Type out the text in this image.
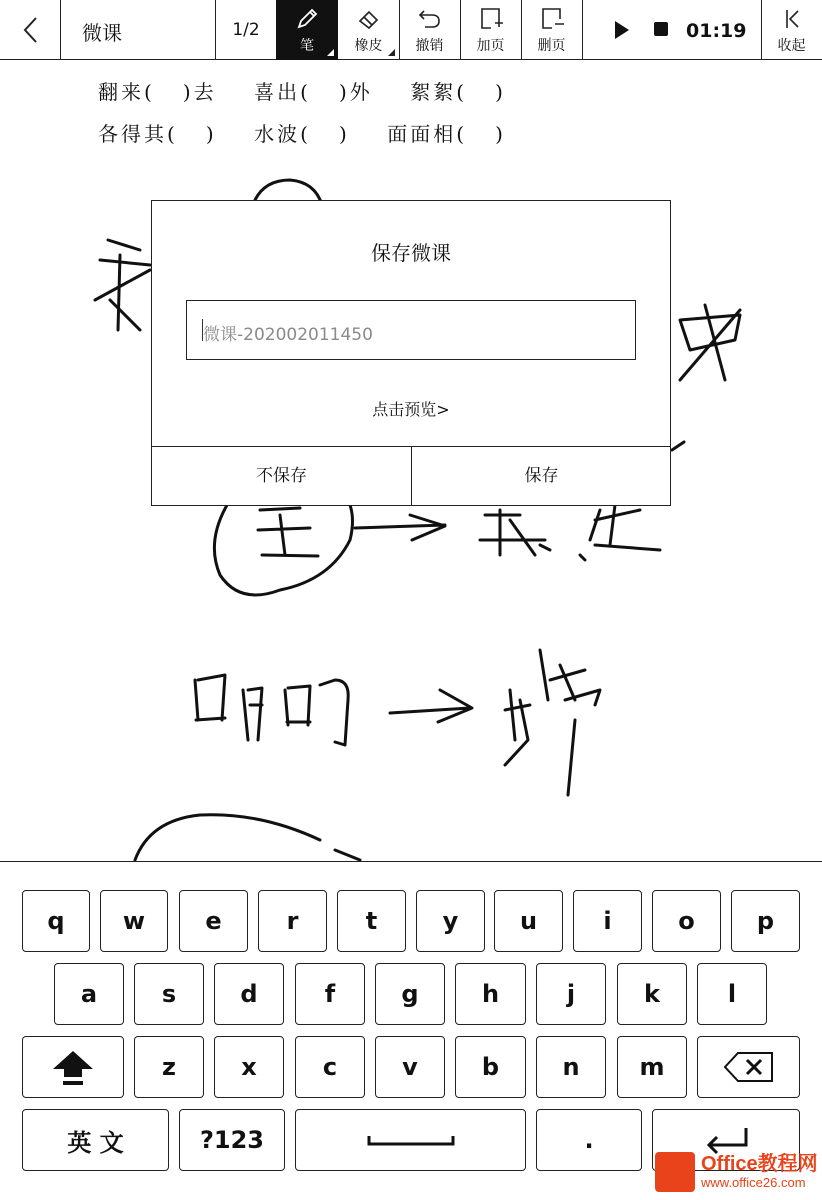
微课	1/2
笔	橡皮	撤销	加页	删页
01:19
收起
翻来(   )去    喜出(   )外    絮絮(   )
各得其(   )    水波(   )    面面相(   )
保存微课
微课-202002011450
点击预览>
不保存	保存
q	w	e	r	t	y	u	i	o	p
a	s	d	f	g	h	j	k	l
z	x	c	v	b	n	m
英 文	?123	.
Office教程网
www.office26.com
